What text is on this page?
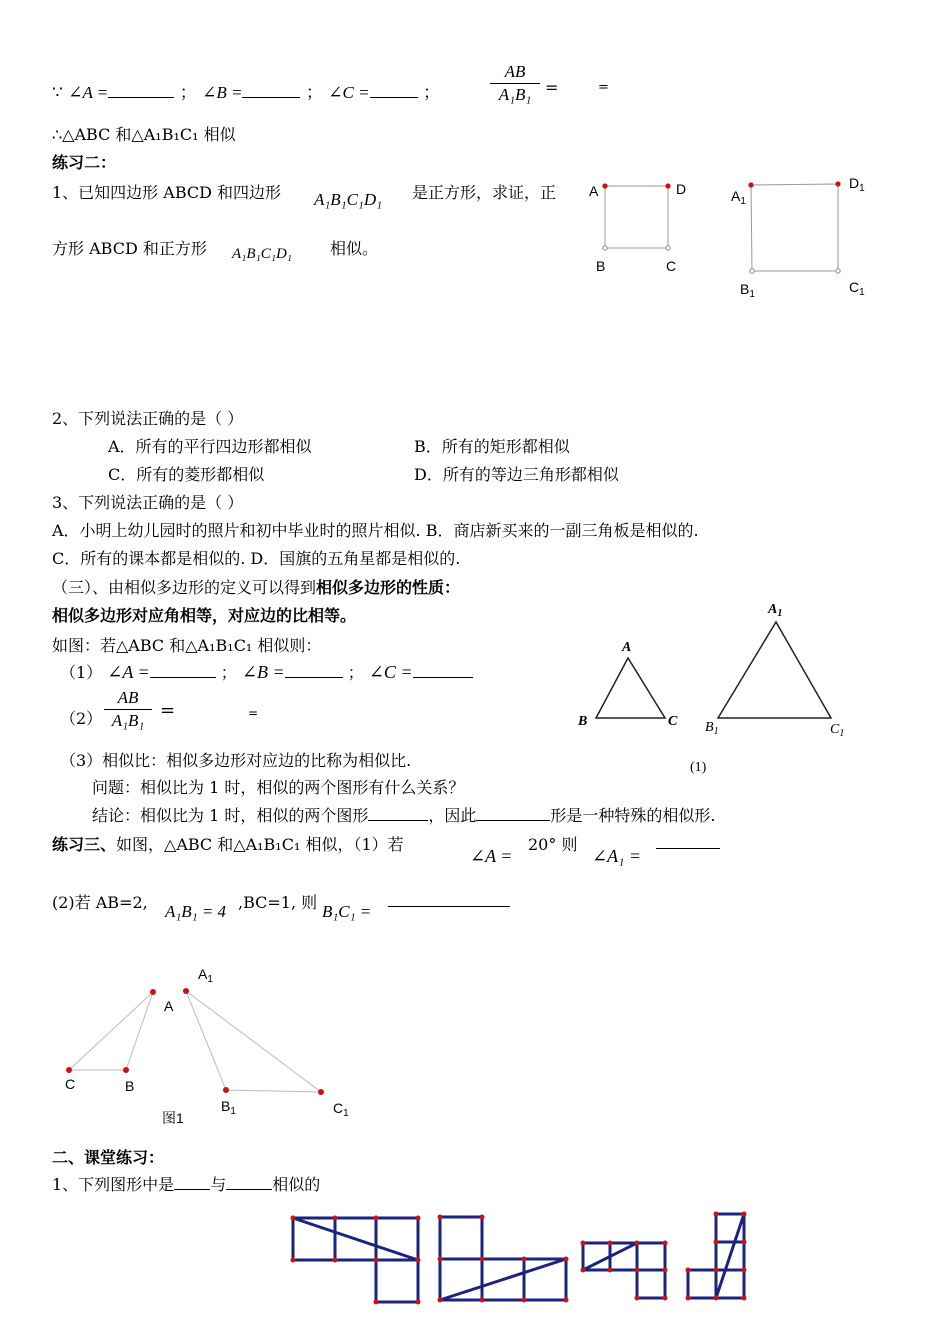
∵ ∠A =	； ∠B =	； ∠C =	；
AB
A₁B₁ =	=
∴△ABC 和△A₁B₁C₁ 相似
练习二：
1、已知四边形 ABCD 和四边形 A₁B₁C₁D₁ 是正方形，求证，正
方形 ABCD 和正方形 A₁B₁C₁D₁ 相似。
A	D
B	C
$A_1$
$D_1$
$B_1$	$C_1$
2、下列说法正确的是（ ）
A．所有的平行四边形都相似	B．所有的矩形都相似
C．所有的菱形都相似	D．所有的等边三角形都相似
3、下列说法正确的是（ ）
A．小明上幼儿园时的照片和初中毕业时的照片相似. B．商店新买来的一副三角板是相似的.
C．所有的课本都是相似的. D．国旗的五角星都是相似的.
（三）、由相似多边形的定义可以得到相似多边形的性质：
相似多边形对应角相等，对应边的比相等。
如图：若△ABC 和△A₁B₁C₁ 相似则：
（1） ∠A =	； ∠B =	； ∠C =
（2）
AB
A₁B₁ =	=
（3）相似比：相似多边形对应边的比称为相似比.
问题：相似比为 1 时，相似的两个图形有什么关系？
结论：相似比为 1 时，相似的两个图形	，因此	形是一种特殊的相似形.
A
B	C
$A_1$
$B_1$	$C_1$
(1)
练习三、如图，△ABC 和△A₁B₁C₁ 相似，（1）若
∠A =
20° 则
∠A₁ =
(2)若 AB=2, A₁B₁ = 4 ,BC=1, 则 B₁C₁ =
$A_1$
A
C	B
$B_1$	$C_1$
图1
二、课堂练习：
1、下列图形中是 与	相似的
